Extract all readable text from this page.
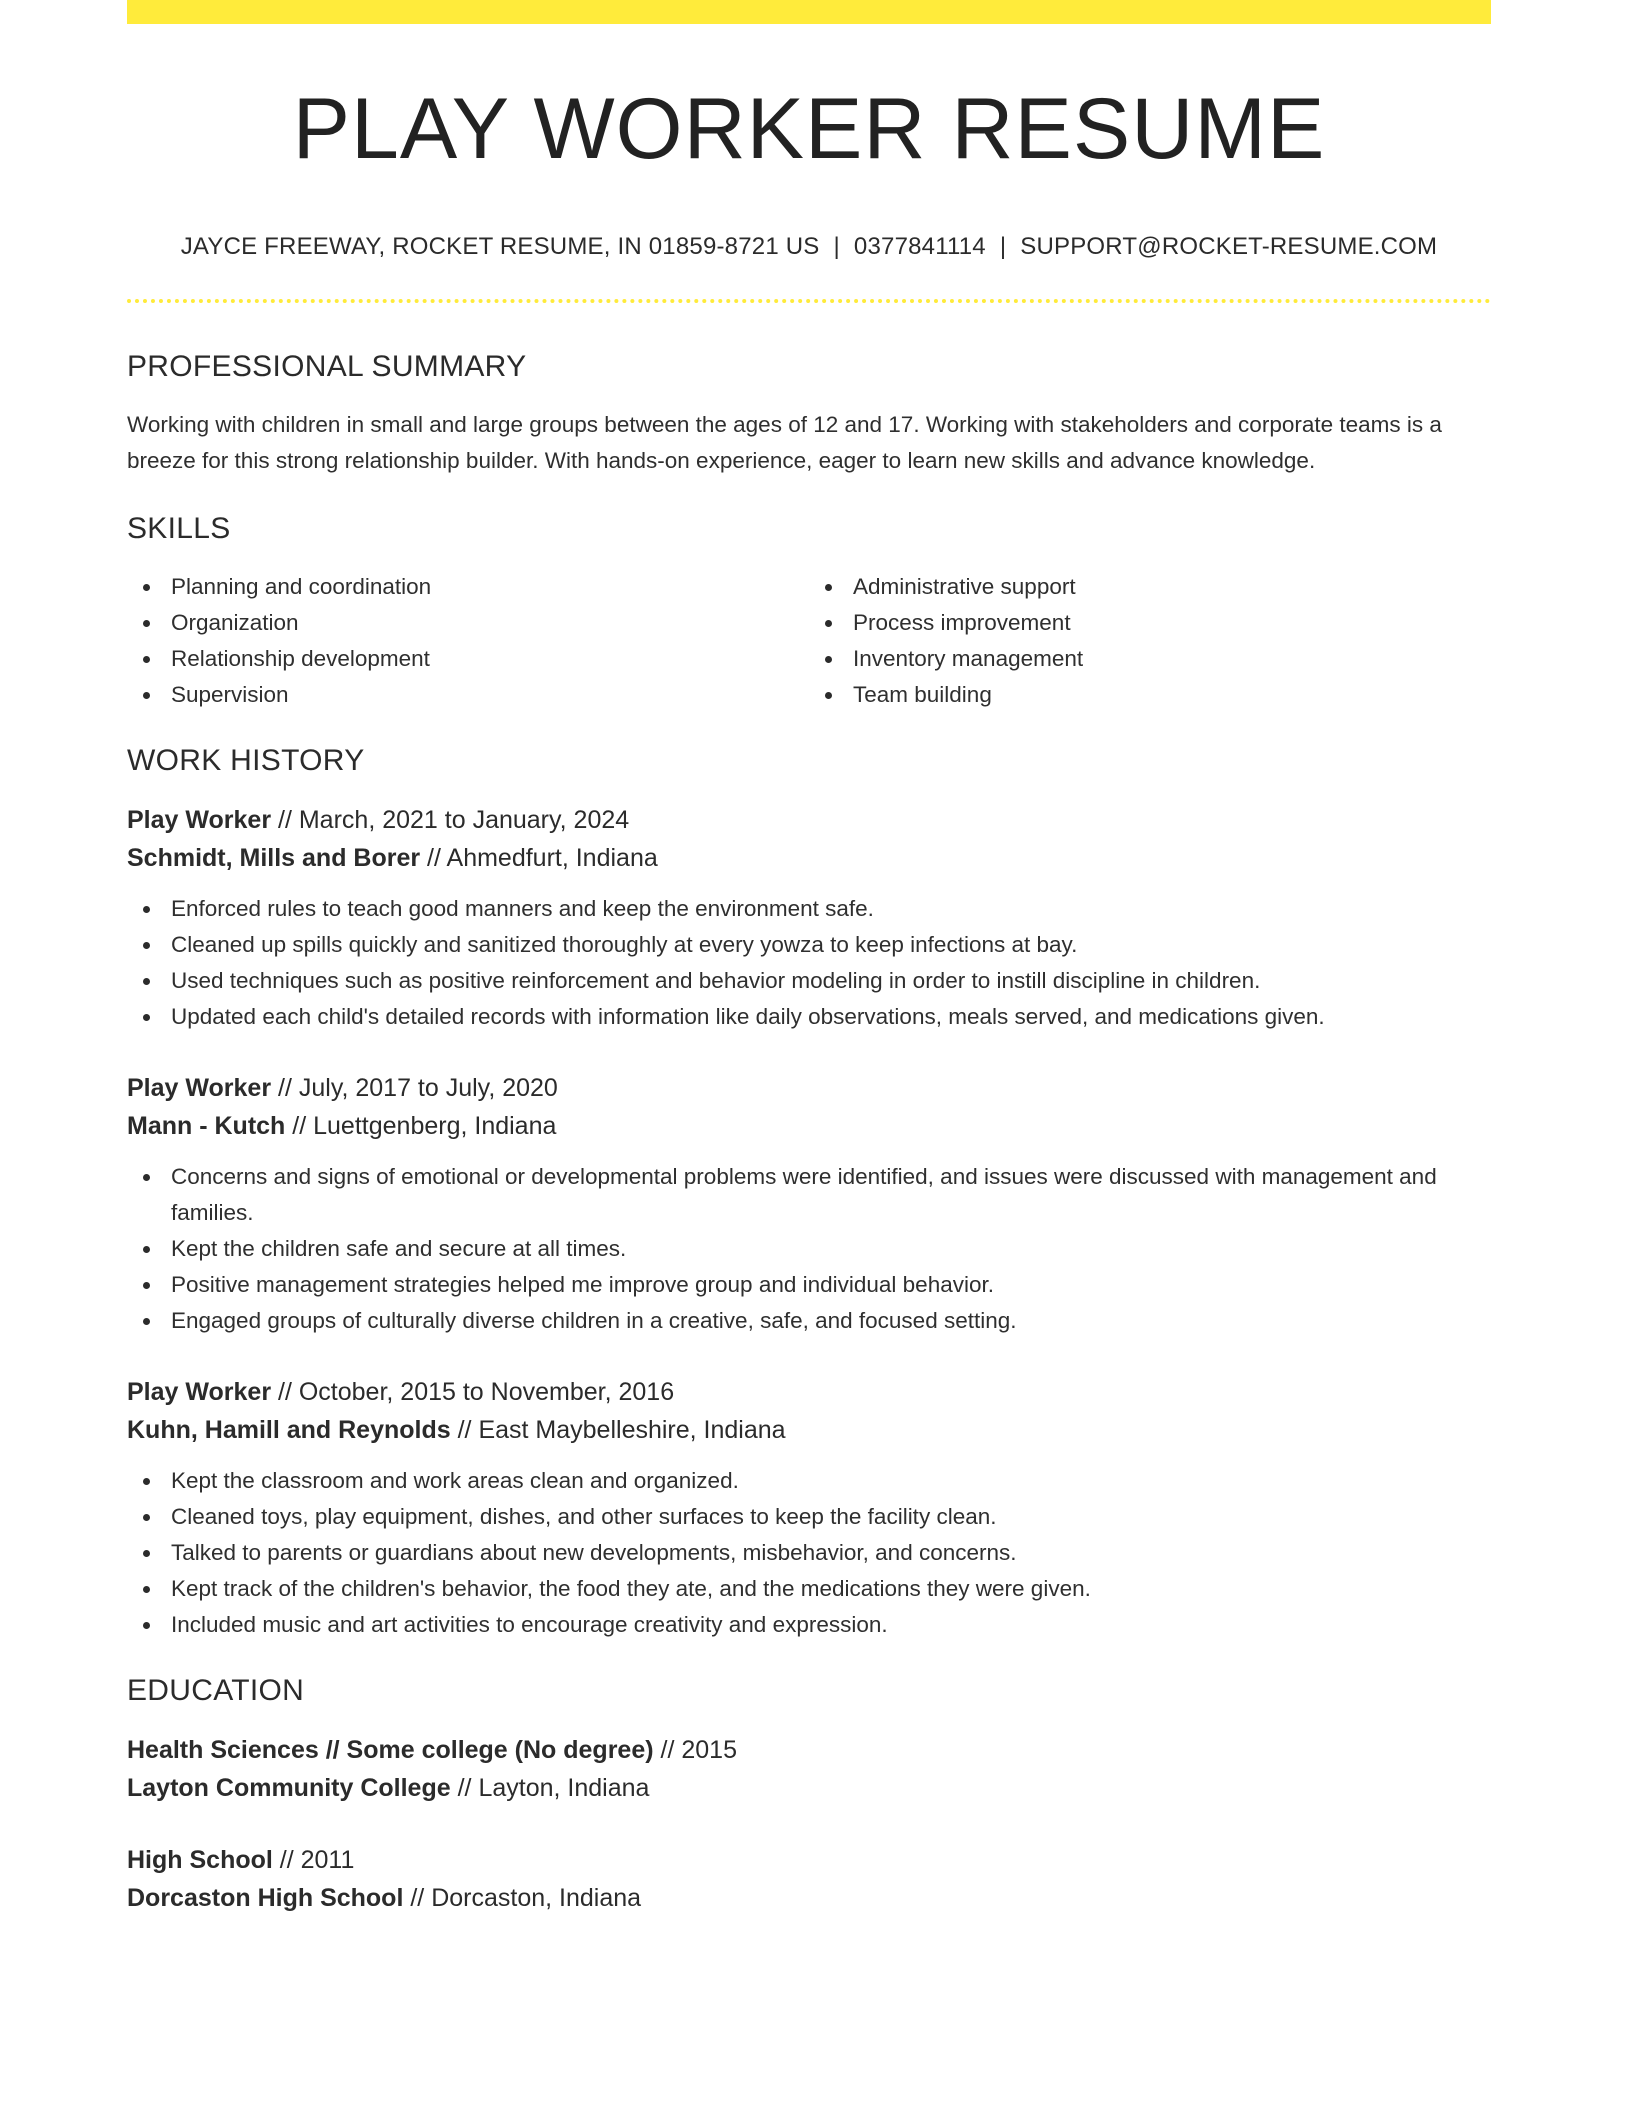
PLAY WORKER RESUME
JAYCE FREEWAY, ROCKET RESUME, IN 01859-8721 US | 0377841114 | SUPPORT@ROCKET-RESUME.COM
PROFESSIONAL SUMMARY

Working with children in small and large groups between the ages of 12 and 17. Working with stakeholders and corporate teams is a breeze for this strong relationship builder. With hands-on experience, eager to learn new skills and advance knowledge.

SKILLS
Planning and coordination
Organization
Relationship development
Supervision
Administrative support
Process improvement
Inventory management
Team building
WORK HISTORY
Play Worker // March, 2021 to January, 2024
Schmidt, Mills and Borer // Ahmedfurt, Indiana
Enforced rules to teach good manners and keep the environment safe.
Cleaned up spills quickly and sanitized thoroughly at every yowza to keep infections at bay.
Used techniques such as positive reinforcement and behavior modeling in order to instill discipline in children.
Updated each child's detailed records with information like daily observations, meals served, and medications given.
Play Worker // July, 2017 to July, 2020
Mann - Kutch // Luettgenberg, Indiana
Concerns and signs of emotional or developmental problems were identified, and issues were discussed with management and families.
Kept the children safe and secure at all times.
Positive management strategies helped me improve group and individual behavior.
Engaged groups of culturally diverse children in a creative, safe, and focused setting.
Play Worker // October, 2015 to November, 2016
Kuhn, Hamill and Reynolds // East Maybelleshire, Indiana
Kept the classroom and work areas clean and organized.
Cleaned toys, play equipment, dishes, and other surfaces to keep the facility clean.
Talked to parents or guardians about new developments, misbehavior, and concerns.
Kept track of the children's behavior, the food they ate, and the medications they were given.
Included music and art activities to encourage creativity and expression.
EDUCATION
Health Sciences // Some college (No degree) // 2015
Layton Community College // Layton, Indiana
High School // 2011
Dorcaston High School // Dorcaston, Indiana
